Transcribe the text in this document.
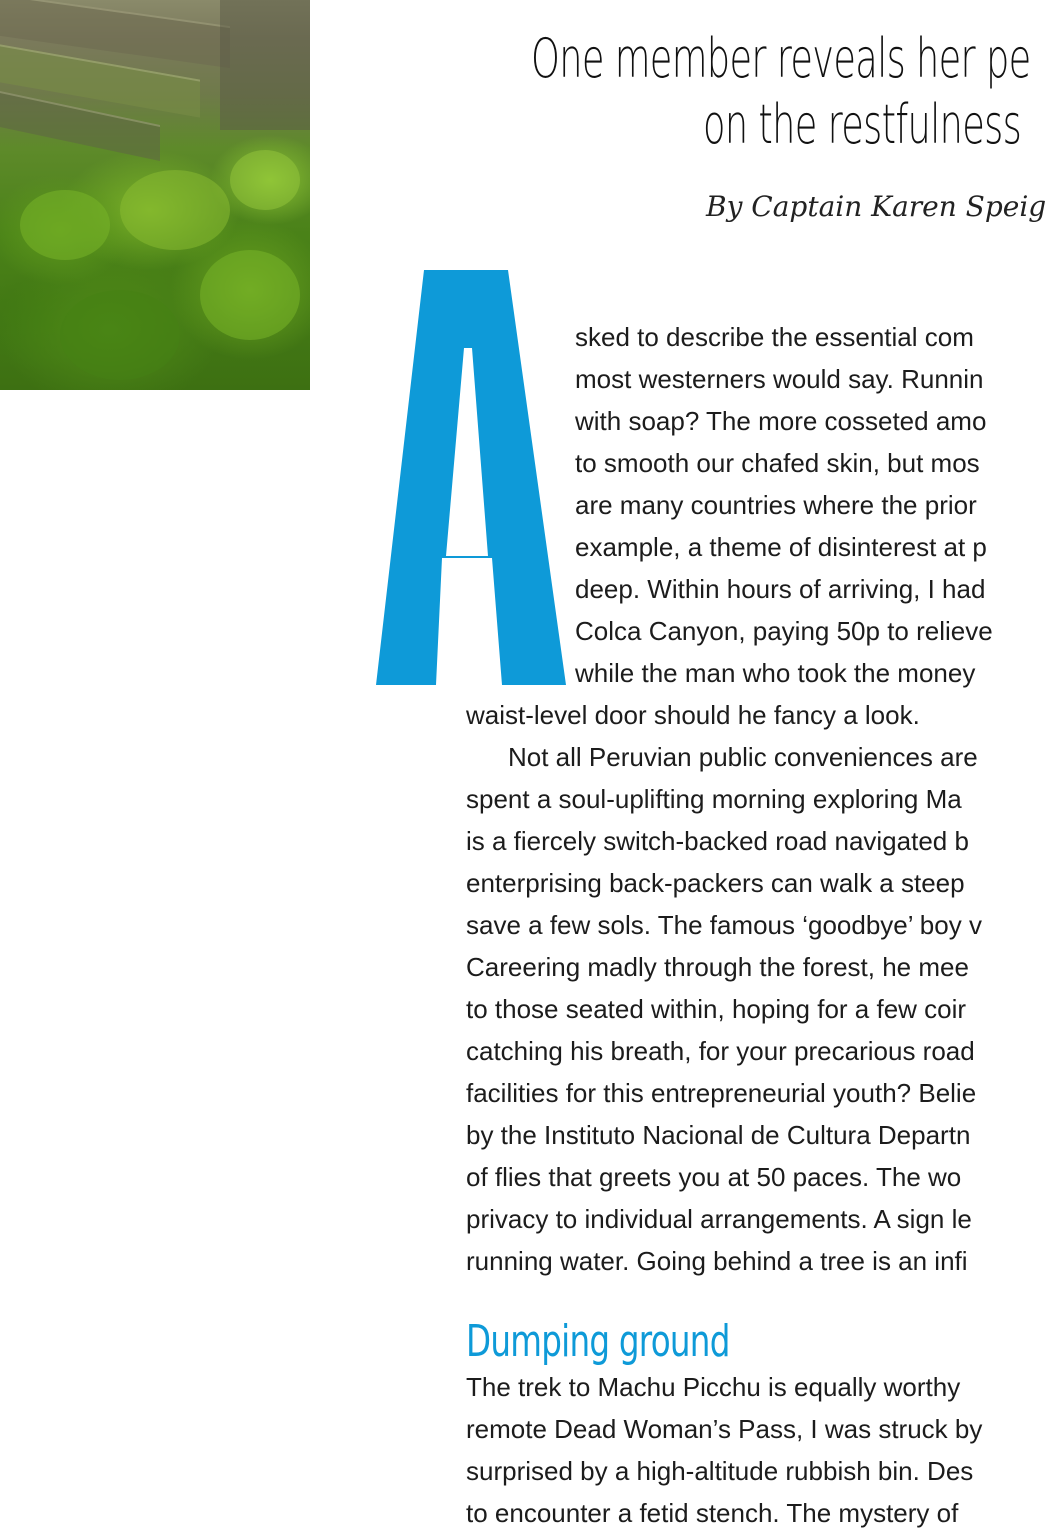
One member reveals her pe
on the restfulness
By Captain Karen Speig
A
sked to describe the essential com
most westerners would say. Runnin
with soap? The more cosseted amo
to smooth our chafed skin, but mos
are many countries where the prior
example, a theme of disinterest at p
deep. Within hours of arriving, I had
Colca Canyon, paying 50p to relieve
while the man who took the money
waist-level door should he fancy a look.
Not all Peruvian public conveniences are
spent a soul-uplifting morning exploring Ma
is a fiercely switch-backed road navigated b
enterprising back-packers can walk a steep
save a few sols. The famous ‘goodbye’ boy v
Careering madly through the forest, he mee
to those seated within, hoping for a few coir
catching his breath, for your precarious road
facilities for this entrepreneurial youth? Belie
by the Instituto Nacional de Cultura Departn
of flies that greets you at 50 paces. The wo
privacy to individual arrangements. A sign le
running water. Going behind a tree is an infi
The trek to Machu Picchu is equally worthy
remote Dead Woman’s Pass, I was struck by
surprised by a high-altitude rubbish bin. Des
to encounter a fetid stench. The mystery of
Dumping ground
